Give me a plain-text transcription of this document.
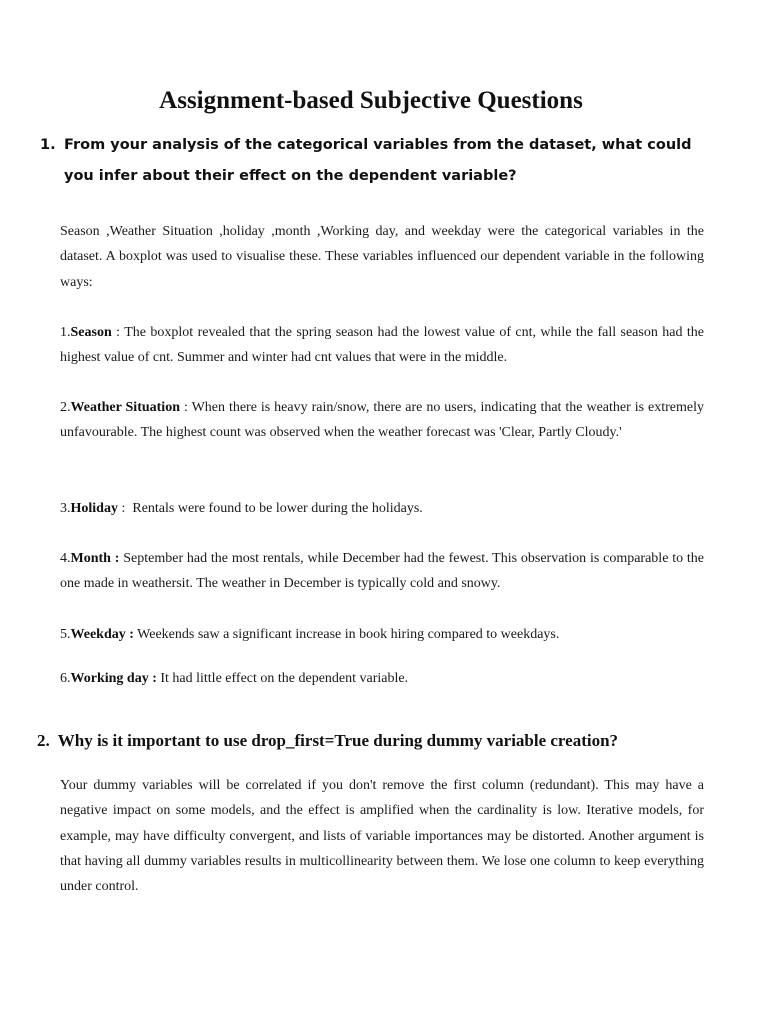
Assignment-based Subjective Questions
1. From your analysis of the categorical variables from the dataset, what could you infer about their effect on the dependent variable?

Season ,Weather Situation ,holiday ,month ,Working day, and weekday were the categorical variables in the dataset. A boxplot was used to visualise these. These variables influenced our dependent variable in the following ways:

1.Season : The boxplot revealed that the spring season had the lowest value of cnt, while the fall season had the highest value of cnt. Summer and winter had cnt values that were in the middle.

2.Weather Situation : When there is heavy rain/snow, there are no users, indicating that the weather is extremely unfavourable. The highest count was observed when the weather forecast was 'Clear, Partly Cloudy.'

3.Holiday :  Rentals were found to be lower during the holidays.

4.Month : September had the most rentals, while December had the fewest. This observation is comparable to the one made in weathersit. The weather in December is typically cold and snowy.

5.Weekday : Weekends saw a significant increase in book hiring compared to weekdays.

6.Working day : It had little effect on the dependent variable.

2. Why is it important to use drop_first=True during dummy variable creation?

Your dummy variables will be correlated if you don't remove the first column (redundant). This may have a negative impact on some models, and the effect is amplified when the cardinality is low. Iterative models, for example, may have difficulty convergent, and lists of variable importances may be distorted. Another argument is that having all dummy variables results in multicollinearity between them. We lose one column to keep everything under control.
